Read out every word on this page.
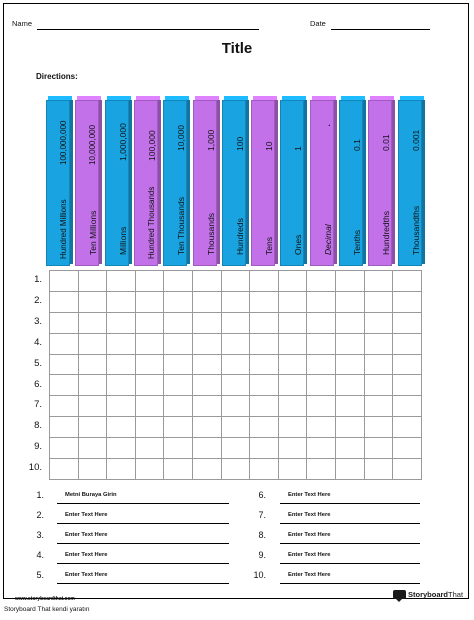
Name	Date
Title
Directions:
Hundred Millions
100,000,000
Ten Millions
10,000,000
Millions
1,000,000
Hundred Thousands
100,000
Ten Thousands
10,000
Thousands
1,000
Hundreds
100
Tens
10
Ones
1
Decimal
.
Tenths
0.1
Hundredths
0.01
Thousandths
0.001

1.
2.
3.
4.
5.
6.
7.
8.
9.
10.
1.	Metni Buraya Girin
2.	Enter Text Here
3.	Enter Text Here
4.	Enter Text Here
5.	Enter Text Here
6.	Enter Text Here
7.	Enter Text Here
8.	Enter Text Here
9.	Enter Text Here
10.	Enter Text Here
www.storyboardthat.com
Storyboard That
Storyboard That kendi yaratın
